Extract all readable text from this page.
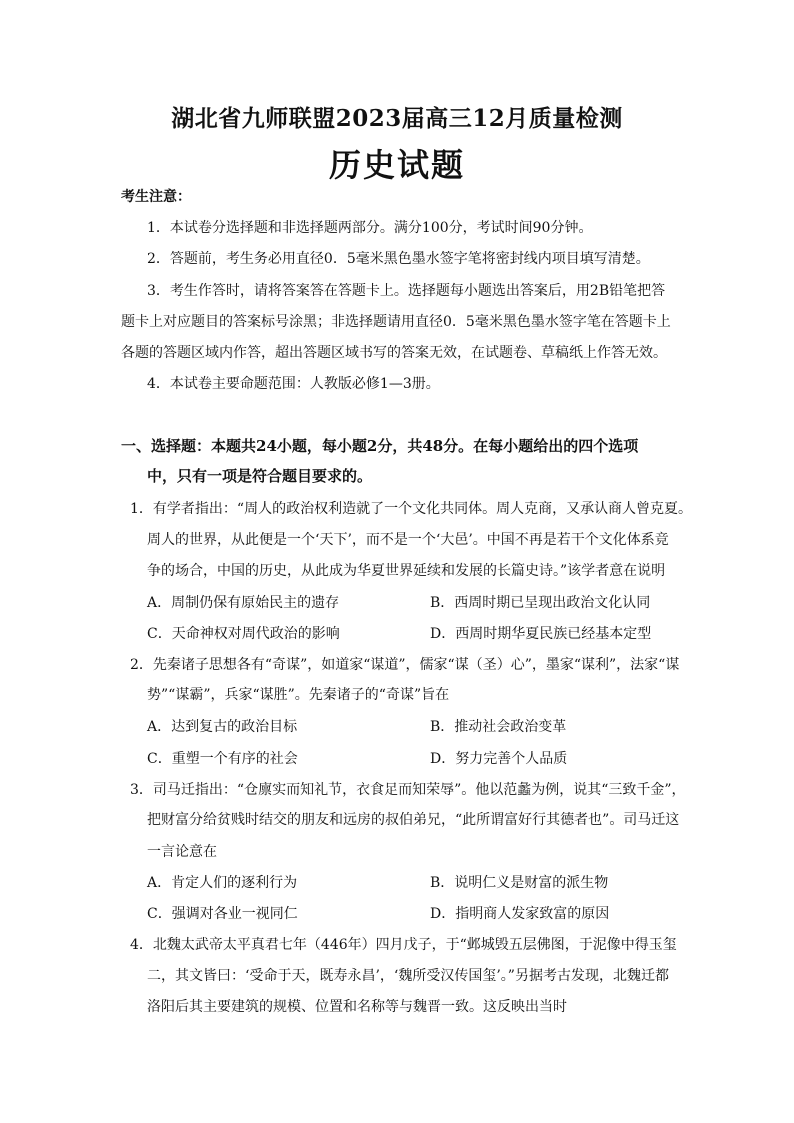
湖北省九师联盟2023届高三12月质量检测
历史试题
考生注意：
1．本试卷分选择题和非选择题两部分。满分100分，考试时间90分钟。
2．答题前，考生务必用直径0．5毫米黑色墨水签字笔将密封线内项目填写清楚。
3．考生作答时，请将答案答在答题卡上。选择题每小题选出答案后，用2B铅笔把答
题卡上对应题目的答案标号涂黑；非选择题请用直径0．5毫米黑色墨水签字笔在答题卡上
各题的答题区域内作答，超出答题区域书写的答案无效，在试题卷、草稿纸上作答无效。
4．本试卷主要命题范围：人教版必修1—3册。
一、选择题：本题共24小题，每小题2分，共48分。在每小题给出的四个选项
中，只有一项是符合题目要求的。
1．有学者指出：“周人的政治权利造就了一个文化共同体。周人克商，又承认商人曾克夏。
周人的世界，从此便是一个‘天下’，而不是一个‘大邑’。中国不再是若干个文化体系竞
争的场合，中国的历史，从此成为华夏世界延续和发展的长篇史诗。”该学者意在说明
A．周制仍保有原始民主的遗存	B．西周时期已呈现出政治文化认同
C．天命神权对周代政治的影响	D．西周时期华夏民族已经基本定型
2．先秦诸子思想各有“奇谋”，如道家“谋道”，儒家“谋（圣）心”，墨家“谋利”，法家“谋
势”“谋霸”，兵家“谋胜”。先秦诸子的“奇谋”旨在
A．达到复古的政治目标	B．推动社会政治变革
C．重塑一个有序的社会	D．努力完善个人品质
3．司马迁指出：“仓廪实而知礼节，衣食足而知荣辱”。他以范蠡为例，说其“三致千金”，
把财富分给贫贱时结交的朋友和远房的叔伯弟兄，“此所谓富好行其德者也”。司马迁这
一言论意在
A．肯定人们的逐利行为	B．说明仁义是财富的派生物
C．强调对各业一视同仁	D．指明商人发家致富的原因
4．北魏太武帝太平真君七年（446年）四月戊子，于“邺城毁五层佛图，于泥像中得玉玺
二，其文皆曰：‘受命于天，既寿永昌’，‘魏所受汉传国玺’。”另据考古发现，北魏迁都
洛阳后其主要建筑的规模、位置和名称等与魏晋一致。这反映出当时
